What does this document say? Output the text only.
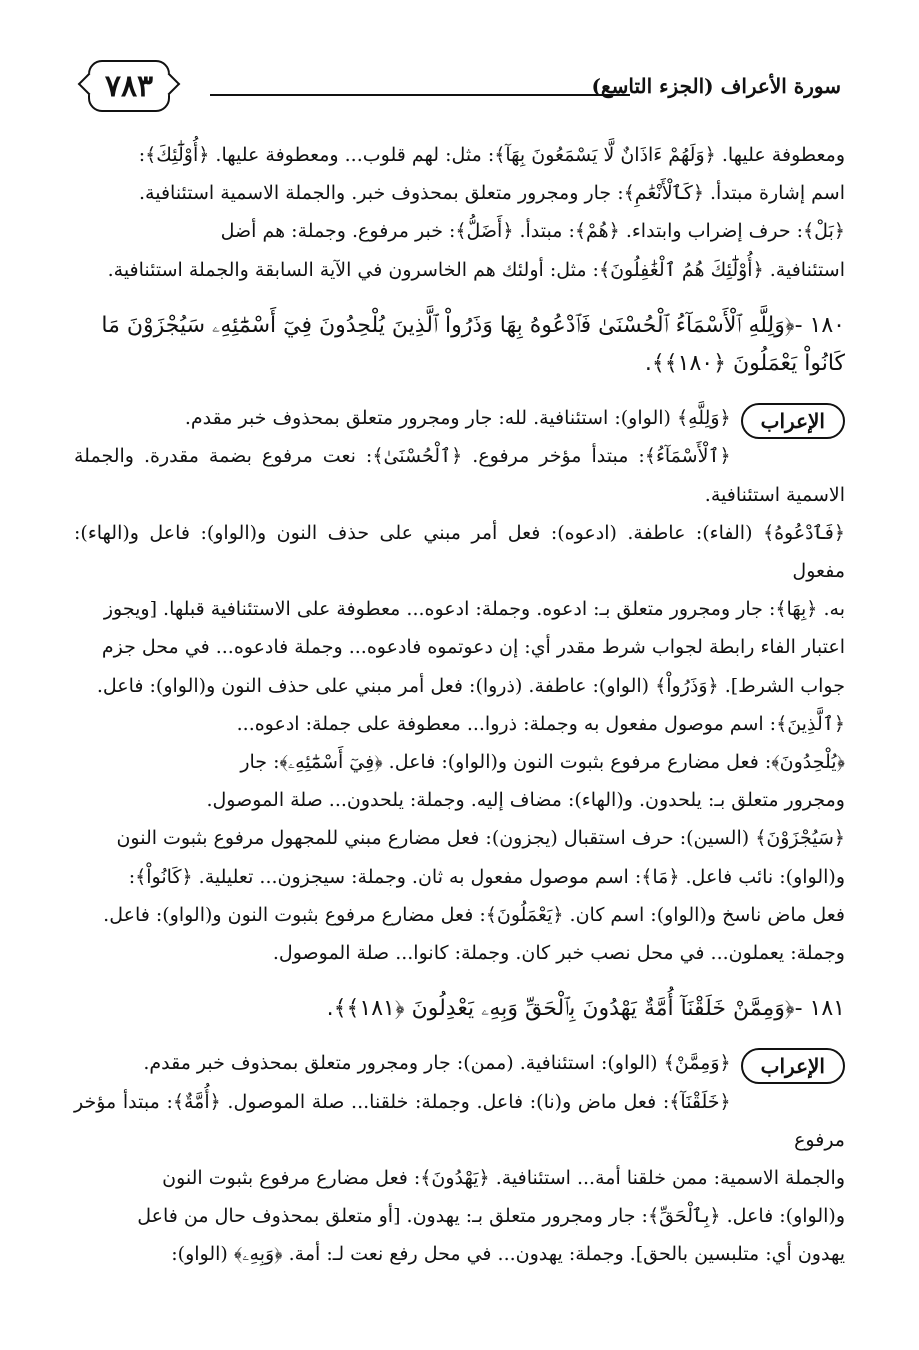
٧٨٣	سورة الأعراف (الجزء التاسع)

ومعطوفة عليها. ﴿وَلَهُمْ ءَاذَانٌ لَّا يَسْمَعُونَ بِهَآ﴾: مثل: لهم قلوب... ومعطوفة عليها. ﴿أُوْلَٰٓئِكَ﴾:

اسم إشارة مبتدأ. ﴿كَٱلْأَنْعَٰمِ﴾: جار ومجرور متعلق بمحذوف خبر. والجملة الاسمية استئنافية.

﴿بَلْ﴾: حرف إضراب وابتداء. ﴿هُمْ﴾: مبتدأ. ﴿أَضَلُّ﴾: خبر مرفوع. وجملة: هم أضل

استئنافية. ﴿أُوْلَٰٓئِكَ هُمُ ٱلْغَٰفِلُونَ﴾: مثل: أولئك هم الخاسرون في الآية السابقة والجملة استئنافية.

١٨٠ -﴿وَلِلَّهِ ٱلْأَسْمَآءُ ٱلْحُسْنَىٰ فَٱدْعُوهُ بِهَا وَذَرُواْ ٱلَّذِينَ يُلْحِدُونَ فِيٓ أَسْمَٰٓئِهِۦ سَيُجْزَوْنَ مَا

كَانُواْ يَعْمَلُونَ ﴿١٨٠﴾﴾.

الإعراب

﴿وَلِلَّهِ﴾ (الواو): استئنافية. لله: جار ومجرور متعلق بمحذوف خبر مقدم.

﴿ٱلْأَسْمَآءُ﴾: مبتدأ مؤخر مرفوع. ﴿ٱلْحُسْنَىٰ﴾: نعت مرفوع بضمة مقدرة. والجملة الاسمية استئنافية.

﴿فَٱدْعُوهُ﴾ (الفاء): عاطفة. (ادعوه): فعل أمر مبني على حذف النون و(الواو): فاعل و(الهاء): مفعول

به. ﴿بِهَا﴾: جار ومجرور متعلق بـ: ادعوه. وجملة: ادعوه... معطوفة على الاستئنافية قبلها. [ويجوز

اعتبار الفاء رابطة لجواب شرط مقدر أي: إن دعوتموه فادعوه... وجملة فادعوه... في محل جزم

جواب الشرط]. ﴿وَذَرُواْ﴾ (الواو): عاطفة. (ذروا): فعل أمر مبني على حذف النون و(الواو): فاعل.

﴿ٱلَّذِينَ﴾: اسم موصول مفعول به وجملة: ذروا... معطوفة على جملة: ادعوه...

﴿يُلْحِدُونَ﴾: فعل مضارع مرفوع بثبوت النون و(الواو): فاعل. ﴿فِيٓ أَسْمَٰٓئِهِۦ﴾: جار

ومجرور متعلق بـ: يلحدون. و(الهاء): مضاف إليه. وجملة: يلحدون... صلة الموصول.

﴿سَيُجْزَوْنَ﴾ (السين): حرف استقبال (يجزون): فعل مضارع مبني للمجهول مرفوع بثبوت النون

و(الواو): نائب فاعل. ﴿مَا﴾: اسم موصول مفعول به ثان. وجملة: سيجزون... تعليلية. ﴿كَانُواْ﴾:

فعل ماض ناسخ و(الواو): اسم كان. ﴿يَعْمَلُونَ﴾: فعل مضارع مرفوع بثبوت النون و(الواو): فاعل.

وجملة: يعملون... في محل نصب خبر كان. وجملة: كانوا... صلة الموصول.

١٨١ -﴿وَمِمَّنْ خَلَقْنَآ أُمَّةٌ يَهْدُونَ بِٱلْحَقِّ وَبِهِۦ يَعْدِلُونَ ﴿١٨١﴾﴾.

الإعراب

﴿وَمِمَّنْ﴾ (الواو): استئنافية. (ممن): جار ومجرور متعلق بمحذوف خبر مقدم.

﴿خَلَقْنَآ﴾: فعل ماض و(نا): فاعل. وجملة: خلقنا... صلة الموصول. ﴿أُمَّةٌ﴾: مبتدأ مؤخر مرفوع

والجملة الاسمية: ممن خلقنا أمة... استئنافية. ﴿يَهْدُونَ﴾: فعل مضارع مرفوع بثبوت النون

و(الواو): فاعل. ﴿بِٱلْحَقِّ﴾: جار ومجرور متعلق بـ: يهدون. [أو متعلق بمحذوف حال من فاعل

يهدون أي: متلبسين بالحق]. وجملة: يهدون... في محل رفع نعت لـ: أمة. ﴿وَبِهِۦ﴾ (الواو):
